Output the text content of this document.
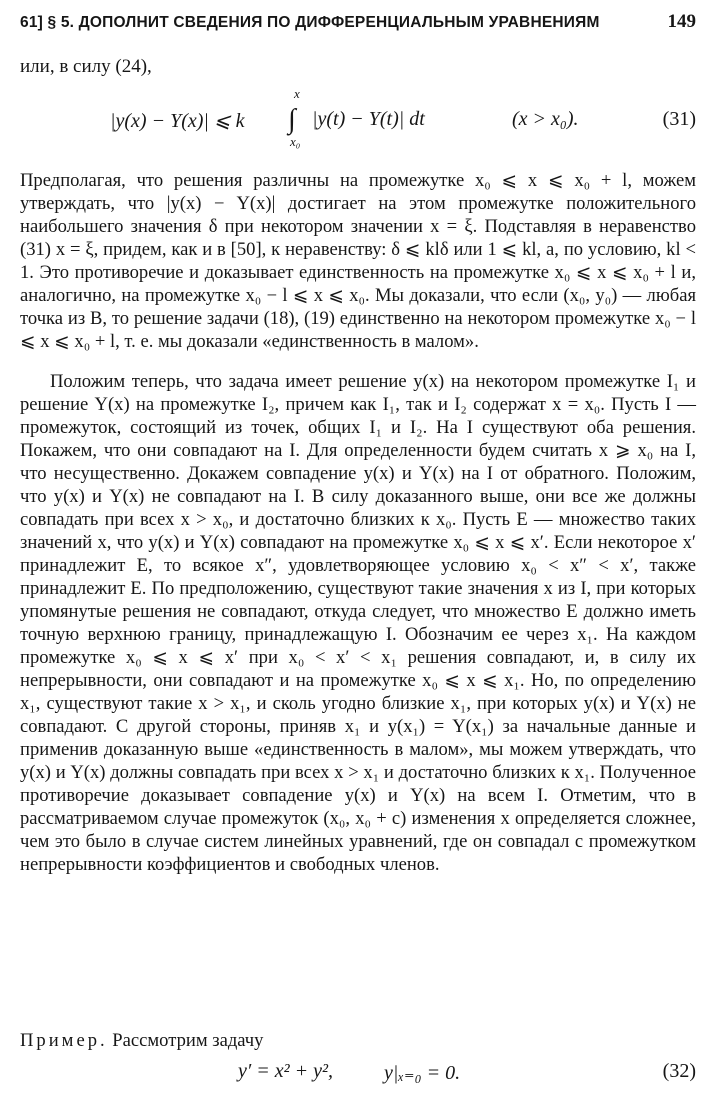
61] § 5. ДОПОЛНИТ СВЕДЕНИЯ ПО ДИФФЕРЕНЦИАЛЬНЫМ УРАВНЕНИЯМ	149
или, в силу (24),
|y(x) − Y(x)| ⩽ k ∫
x
x₀
|y(t) − Y(t)| dt	(x > x₀).	(31)

Предполагая, что решения различны на промежутке x₀ ⩽ x ⩽ x₀ + l, можем утверждать, что |y(x) − Y(x)| достигает на этом промежутке положительного наибольшего значения δ при некотором значении x = ξ. Подставляя в неравенство (31) x = ξ, придем, как и в [50], к неравенству: δ ⩽ klδ или 1 ⩽ kl, а, по условию, kl < 1. Это противоречие и доказывает единственность на промежутке x₀ ⩽ x ⩽ x₀ + l и, аналогично, на промежутке x₀ − l ⩽ x ⩽ x₀. Мы доказали, что если (x₀, y₀) — любая точка из B, то решение задачи (18), (19) единственно на некотором промежутке x₀ − l ⩽ x ⩽ x₀ + l, т. е. мы доказали «единственность в малом».

Положим теперь, что задача имеет решение y(x) на некотором промежутке I₁ и решение Y(x) на промежутке I₂, причем как I₁, так и I₂ содержат x = x₀. Пусть I — промежуток, состоящий из точек, общих I₁ и I₂. На I существуют оба решения. Покажем, что они совпадают на I. Для определенности будем считать x ⩾ x₀ на I, что несущественно. Докажем совпадение y(x) и Y(x) на I от обратного. Положим, что y(x) и Y(x) не совпадают на I. В силу доказанного выше, они все же должны совпадать при всех x > x₀, и достаточно близких к x₀. Пусть E — множество таких значений x, что y(x) и Y(x) совпадают на промежутке x₀ ⩽ x ⩽ x′. Если некоторое x′ принадлежит E, то всякое x″, удовлетворяющее условию x₀ < x″ < x′, также принадлежит E. По предположению, существуют такие значения x из I, при которых упомянутые решения не совпадают, откуда следует, что множество E должно иметь точную верхнюю границу, принадлежащую I. Обозначим ее через x₁. На каждом промежутке x₀ ⩽ x ⩽ x′ при x₀ < x′ < x₁ решения совпадают, и, в силу их непрерывности, они совпадают и на промежутке x₀ ⩽ x ⩽ x₁. Но, по определению x₁, существуют такие x > x₁, и сколь угодно близкие x₁, при которых y(x) и Y(x) не совпадают. С другой стороны, приняв x₁ и y(x₁) = Y(x₁) за начальные данные и применив доказанную выше «единственность в малом», мы можем утверждать, что y(x) и Y(x) должны совпадать при всех x > x₁ и достаточно близких к x₁. Полученное противоречие доказывает совпадение y(x) и Y(x) на всем I. Отметим, что в рассматриваемом случае промежуток (x₀, x₀ + c) изменения x определяется сложнее, чем это было в случае систем линейных уравнений, где он совпадал с промежутком непрерывности коэффициентов и свободных членов.

Пример. Рассмотрим задачу
y′ = x² + y²,	y|ₓ₌₀ = 0.	(32)
